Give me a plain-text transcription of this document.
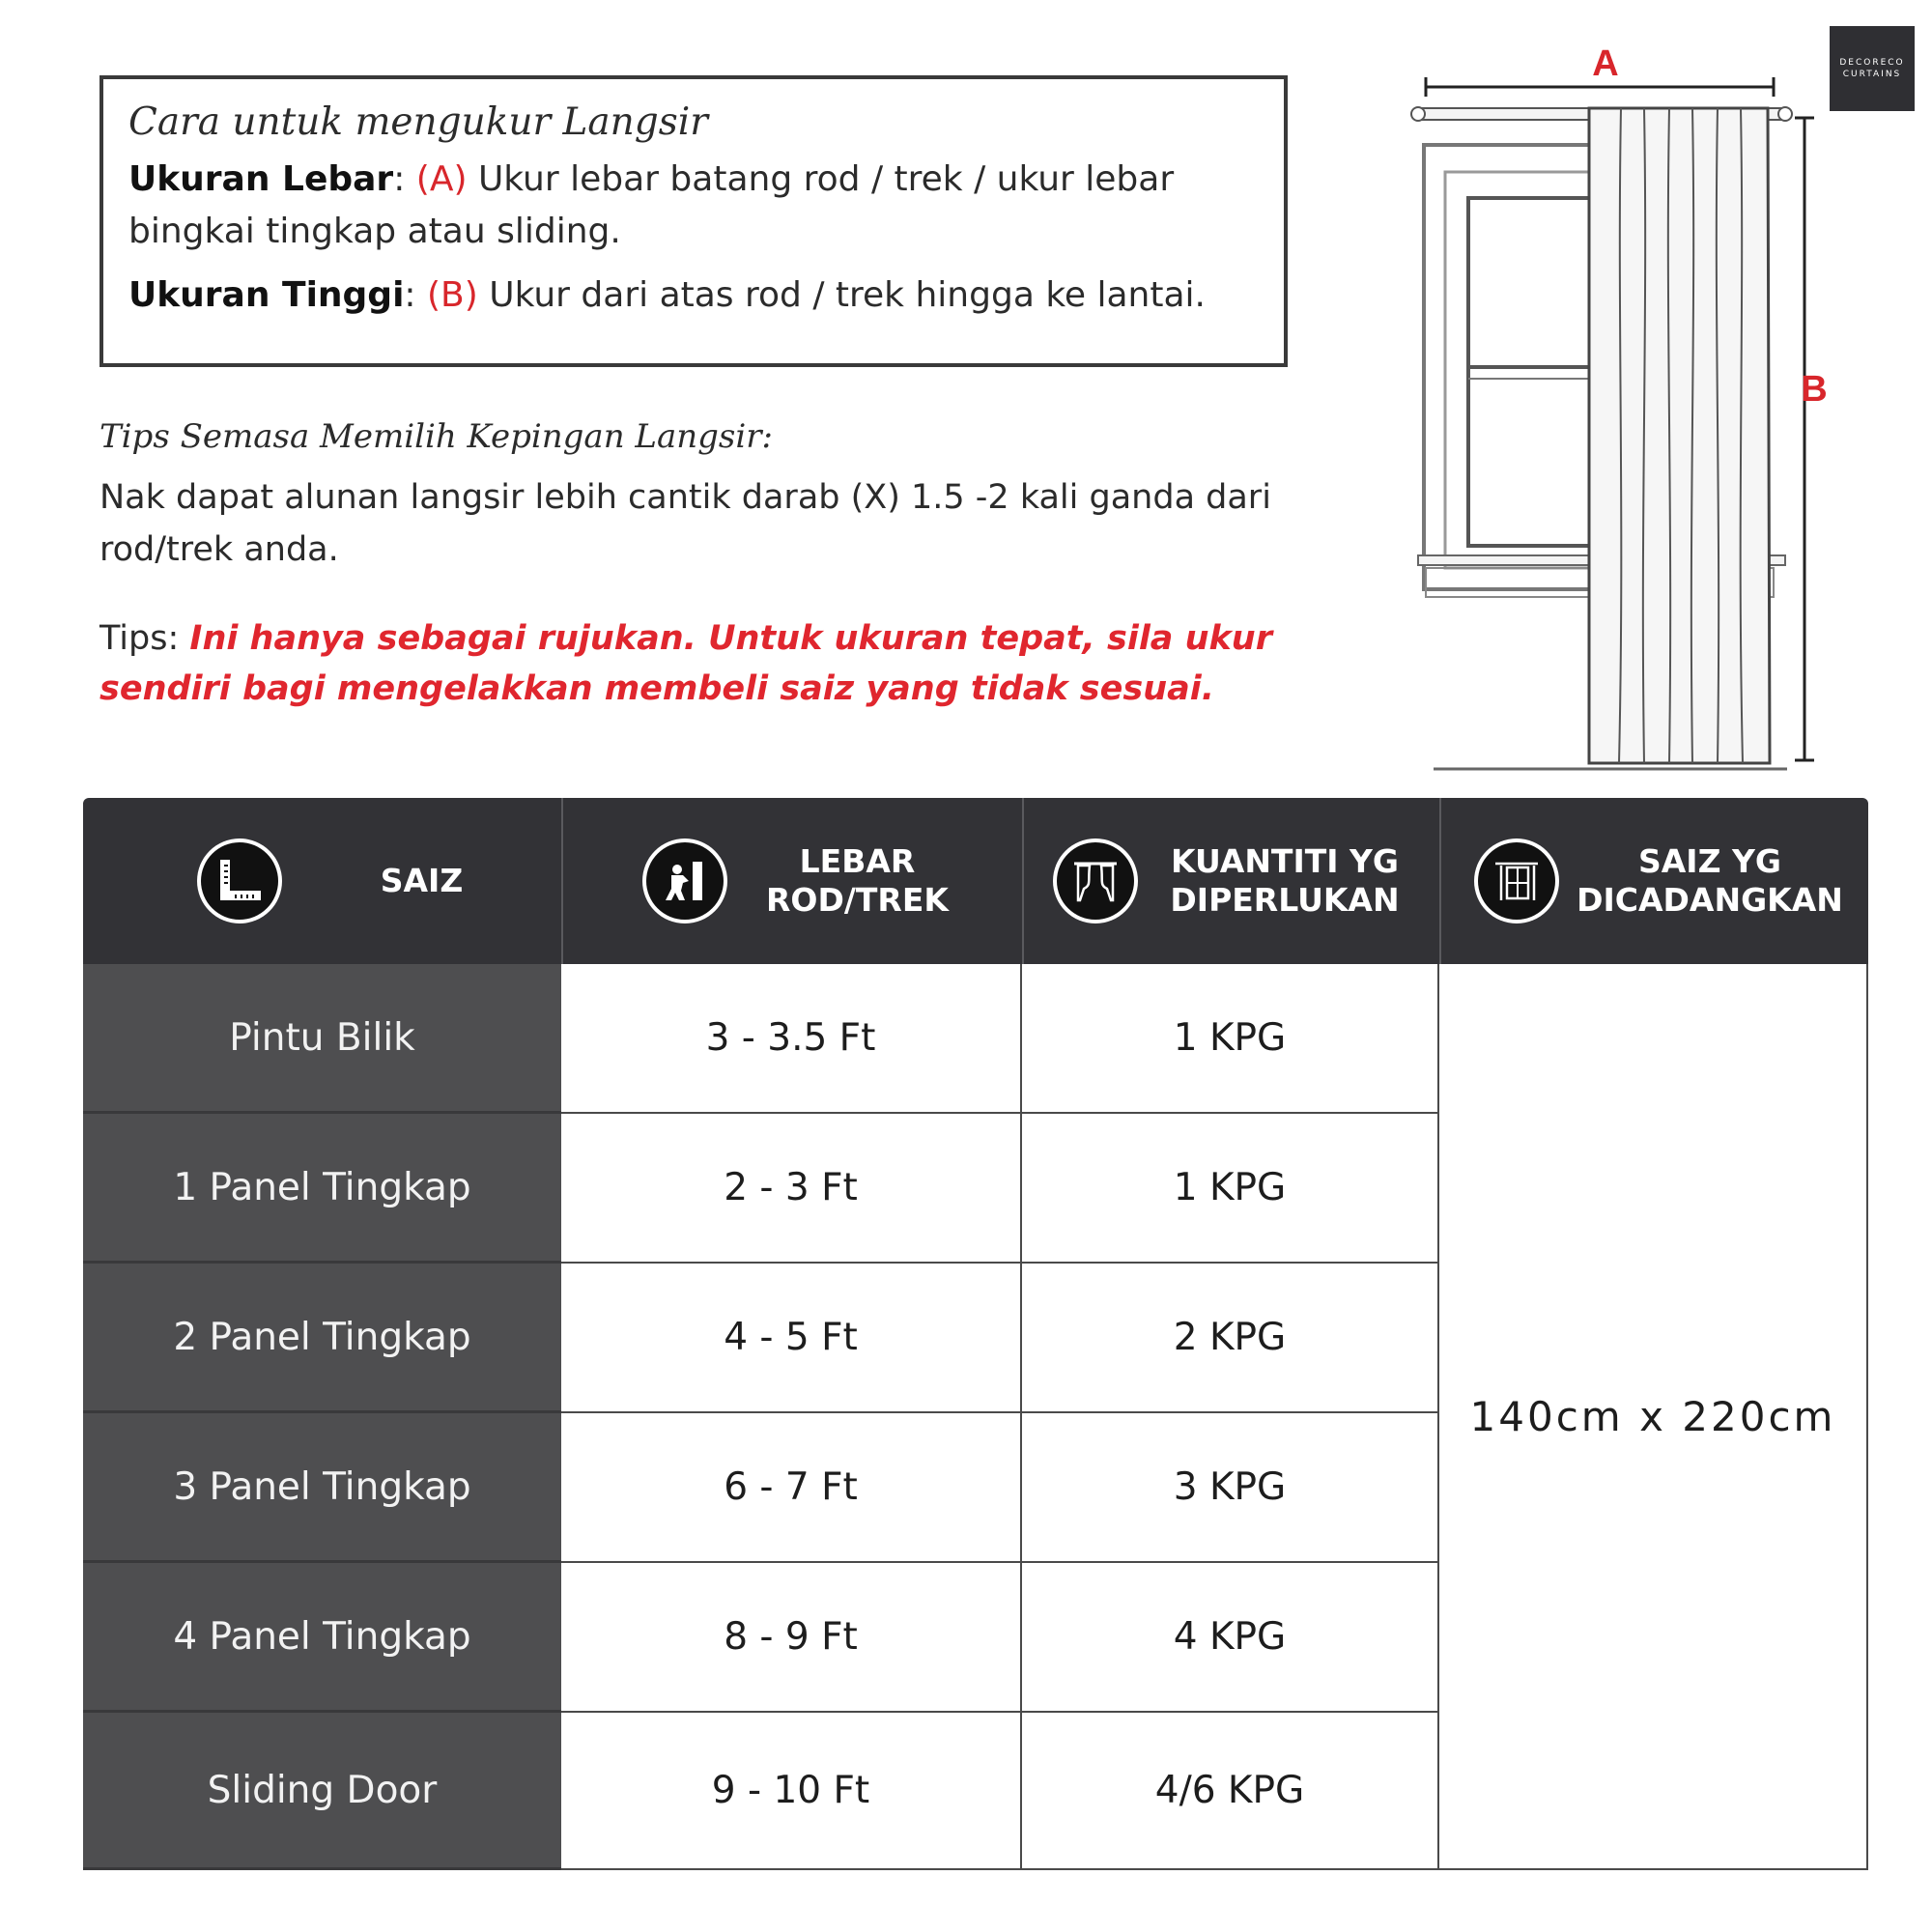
Cara untuk mengukur Langsir
Ukuran Lebar: (A) Ukur lebar batang rod / trek / ukur lebar bingkai tingkap atau sliding.
Ukuran Tinggi: (B) Ukur dari atas rod / trek hingga ke lantai.
Tips Semasa Memilih Kepingan Langsir:
Nak dapat alunan langsir lebih cantik darab (X) 1.5 -2 kali ganda dari rod/trek anda.
Tips: Ini hanya sebagai rujukan. Untuk ukuran tepat, sila ukur sendiri bagi mengelakkan membeli saiz yang tidak sesuai.
A
B
DECORECO
CURTAINS
SAIZ
LEBAR ROD/TREK
KUANTITI YG DIPERLUKAN
SAIZ YG DICADANGKAN
Pintu Bilik	3 - 3.5 Ft	1 KPG
1 Panel Tingkap	2 - 3 Ft	1 KPG
2 Panel Tingkap	4 - 5 Ft	2 KPG
3 Panel Tingkap	6 - 7 Ft	3 KPG
4 Panel Tingkap	8 - 9 Ft	4 KPG
Sliding Door	9 - 10 Ft	4/6 KPG
140cm x 220cm
